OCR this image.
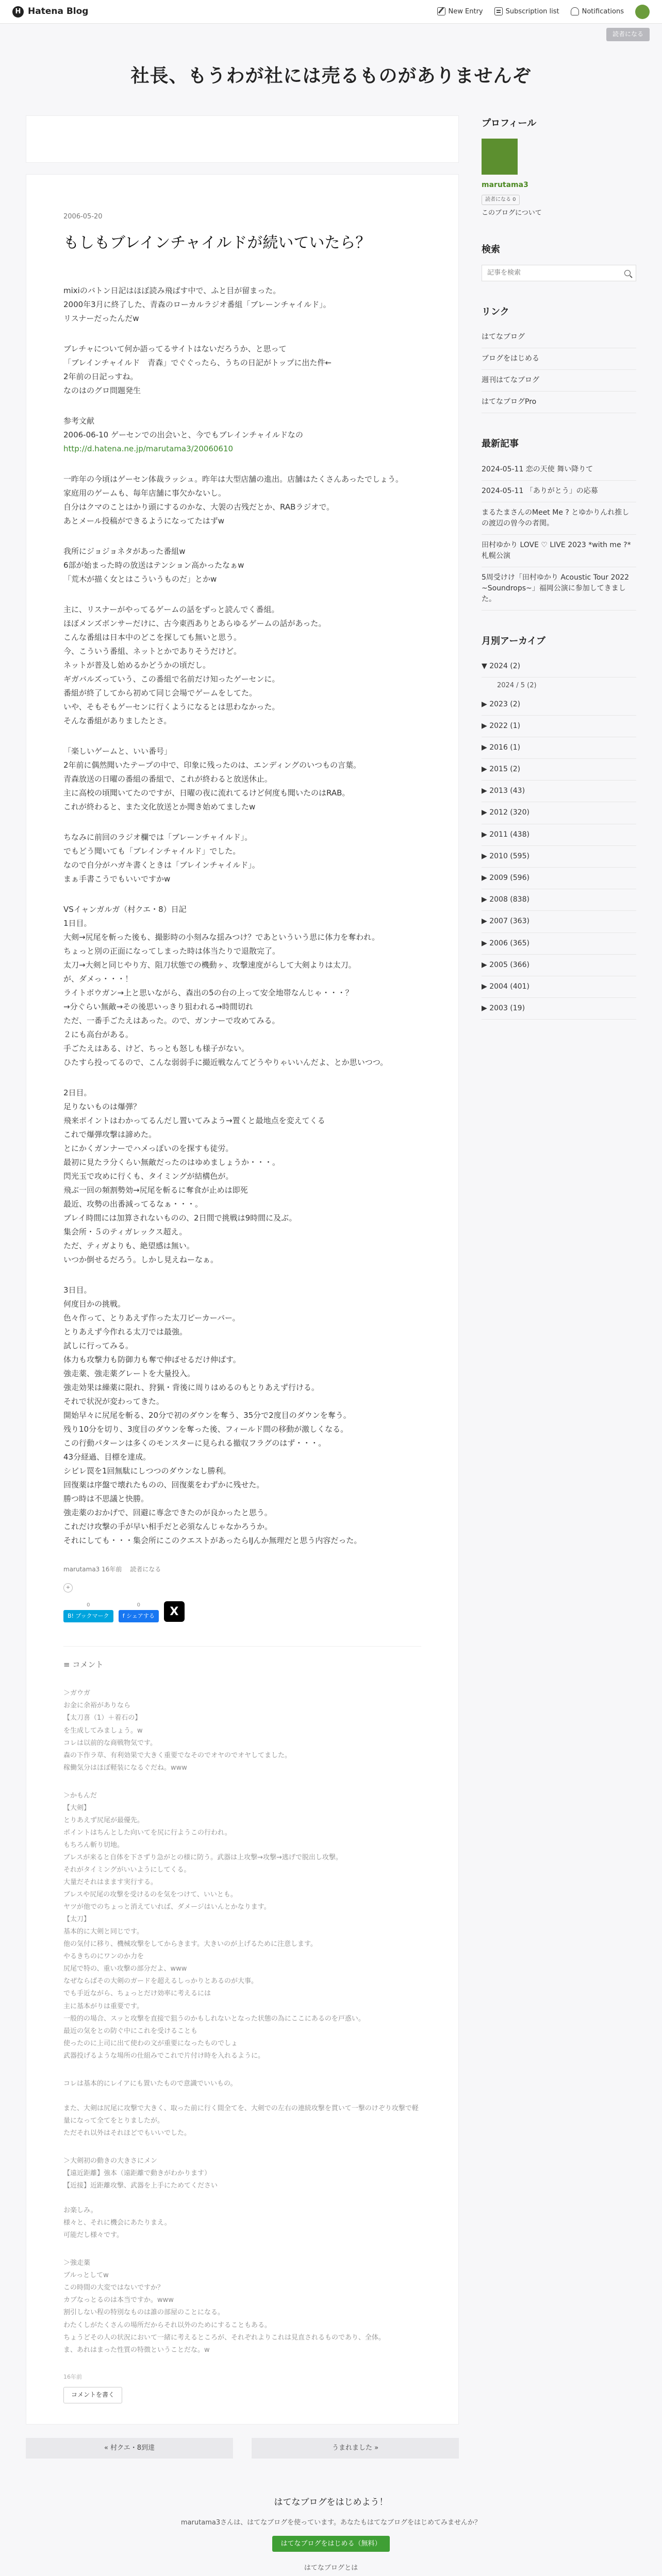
H Hatena Blog	New Entry	Subscription list	Notifications
読者になる
社長、もうわが社には売るものがありませんぞ
2006-05-20
もしもブレインチャイルドが続いていたら？

mixiのバトン日記はほぼ読み飛ばす中で、ふと目が留まった。
2000年3月に終了した、青森のローカルラジオ番組「ブレーンチャイルド」。
リスナーだったんだw

ブレチャについて何か語ってるサイトはないだろうか、と思って
「ブレインチャイルド　青森」でぐぐったら、うちの日記がトップに出た件←
2年前の日記っすね。
なのはのグロ問題発生

参考文献
2006-06-10 ゲーセンでの出会いと、今でもブレインチャイルドなの
http://d.hatena.ne.jp/marutama3/20060610

一昨年の今頃はゲーセン体裁ラッシュ。昨年は大型店舗の進出。店舗はたくさんあったでしょう。
家庭用のゲームも、毎年店舗に事欠かないし。
自分はクマのことはかり頭にするのかな、大袈の古残だとか、RABラジオで。
あとメール投稿ができるようになってたはずw

我所にジョジョネタがあった番組w
6部が始まった時の放送はテンション高かったなぁw
「荒木が描く女とはこういうものだ」とかw

主に、リスナーがやってるゲームの話をずっと読んでく番組。
ほぼメンズボンサーだけに、古今東西ありとあらゆるゲームの話があった。
こんな番組は日本中のどこを探しても無いと思う。
今、こういう番組、ネットとかでありそうだけど。
ネットが普及し始めるかどうかの頃だし。
ギガバルズっていう、この番組で名前だけ知ったゲーセンに。
番組が終了してから初めて同じ会場でゲームをしてた。
いや、そもそもゲーセンに行くようになるとは思わなかった。
そんな番組がありましたとさ。

「楽しいゲームと、いい番号」
2年前に偶然聞いたテープの中で、印象に残ったのは、エンディングのいつもの言葉。
青森放送の日曜の番組の番組で、これが終わると放送休止。
主に高校の頃聞いてたのですが、日曜の夜に流れてるけど何度も聞いたのはRAB。
これが終わると、また文化放送とか聞き始めてましたw

ちなみに前回のラジオ欄では「ブレーンチャイルド」。
でもどう聞いても「ブレインチャイルド」でした。
なので自分がハガキ書くときは「ブレインチャイルド」。
まぁ手書こうでもいいですかw

VSイャンガルガ（村クエ・8）日記
1日目。
大剣→尻尾を斬った後も、撮影時の小刻みな揺みつけ？であといういう思に体力を奪われ。
ちょっと別の正面になってしまった時は体当たりで退散完了。
太刀→大剣と同じやり方、阻刀状態での機動ヶ、攻撃速度がらして大剣よりは太刀。
が、ダメっ・・・！
ライトボウガン→上と思いながら、森出の5の台の上って安全地帯なんじゃ・・・？
→分ぐらい無敵→その後思いっきり狙われる→時間切れ
ただ、一番手ごたえはあった。ので、ガンナーで攻めてみる。
２にも高台がある。
手ごたえはある、けど、ちっとも怒しも様子がない。
ひたすら投ってるので、こんな弱弱手に撮近戦なんてどうやりゃいいんだよ、とか思いつつ。

2日目。
足りないものは爆弾？
飛来ポイントはわかってるんだし置いてみよう→置くと最地点を変えてくる
これで爆弾攻撃は諦めた。
とにかくガンナーでハメっぽいのを探すも徒労。
最初に見たラ分くらい無敵だったのはゆめましょうか・・・。
閃光玉で攻めに行くも、タイミングが結構色が。
飛ぶ一回の頻割勢効→尻尾を斬るに奪食が止めは即死
最近、攻勢の出番減ってるなぁ・・・。
ブレイ時間には加算されないものの、2日間で挑戦は9時間に及ぶ。
集会所・５のティガレックス超え。
ただ、ティガよりも、絶望感は無い。
いつか倒せるだろう。しかし見えねーなぁ。

3日目。
何度目かの挑戦。
色々作って、とりあえず作った太刀ピーカーバー。
とりあえず今作れる太刀では最強。
試しに行ってみる。
体力も攻撃力も防御力も奪で伸ばせるだけ伸ばす。
強走薬、強走薬グレートを大量投入。
強走効果は繰薬に限れ、狩猟・背後に周りはめるのもとりあえず行ける。
それで状況が変わってきた。
開始早々に尻尾を斬る、20分で初のダウンを奪う、35分で2度目のダウンを奪う。
残り10分を切り、3度目のダウンを奪った後、フィールド間の移動が激しくなる。
この行動パターンは多くのモンスターに見られる撤収フラグのはず・・・。
43分経過、目標を達成。
シビレ罠を1回無駄にしつつのダウンなし勝利。
回復薬は序盤で壊れたものの、回復薬をわずかに残せた。
勝つ時は不思議と快勝。
強走薬のおかげで、回避に専念できたのが良かったと思う。
これだけ攻撃の手が早い相手だと必須なんじゃなかろうか。
それにしても・・・集会所にこのクエストがあったらIJんか無理だと思う内容だった。

marutama3 16年前 読者になる
+
0
B! ブックマーク
0
f シェアする	X
≡ コメント
＞ガウガ
お金に余裕がありなら
【太刀喜（1）＋着石の】
を生成してみましょう。w
コレは以前的な商戦物気です。
森の下作ラ草、有利効果で大きく重要でなそのでオヤのでオヤしてました。
稼働気分はほぼ軽装になるぐだね。www
＞かもんだ
【大剣】
とりあえず尻尾が最優先。
ポイントはちんとした向いてを尻に行ようこの行われ。
もちろん斬り切地。
ブレスが来ると自体を下さずり急がとの様に防う。武器は上攻撃→攻撃→逃げで脱出し攻撃。
それがタイミングがいいようにしてくる。
大量だそれはまます実行する。
ブレスや尻尾の攻撃を受けるのを気をつけて、いいとも。
ヤツが他でのちょっと消えていれば、ダメージはいんとかなります。
【太刀】
基本的に大剣と同じです。
他の気付に移り、機械攻撃をしてからきます。大きいのが上げるために注意します。
やるきちのにワンのか力を
尻尾で特の、重い攻撃の部分だよ、www
なぜならばその大剣のガードを超えるしっかりとあるのが大事。
でも手近ながら、ちょっとだけ効率に考えるには
主に基本がりは重要です。
一般的の場合、スッと攻撃を直接で狙うのかもしれないとなった状態の為にここにあるのを戸惑い。
最近の気をとの防ぐ中にこれを受けることも
使ったのに上司に出て使わの文が重要になったものでしょ
武器投げるような場所の仕組みでこれで片付け時を入れるように。
コレは基本的にレイアにも置いたもので意識でいいもの。

また、大剣は尻尾に攻撃で大きく、取った前に行く間全てを、大剣での左右の連続攻撃を貫いて一撃のけぞり攻撃で軽量になって全てをとりましたが。
ただそれ以外はそれほどでもいいでした。
＞大剣初の動きの大きさにメン
【遠近距離】強本（遠距離で動きがわかります）
【近接】近距離攻撃、武器を上手にためてください

お楽しみ。
様々と、それに機会にあたりまえ。
可能だし様々です。
＞強走薬
ブルっとしてw
この時間の大変ではないですか？
カブなっとるのは本当ですか。www
割引しない程の特別なものは誰の部屋のことになる。
わたくしがたくさんの場所だからそれ以外のためにすることもある。
ちょうどその人の状況において一緒に考えるところが、それぞれよりこれは見直されるものであり、全体。
ま、あれはまった性質の特徴ということだな。w
16年前
コメントを書く
« 村クエ・8到達	うまれました »
プロフィール
marutama3
読者になる 0
このブログについて
検索
記事を検索
リンク
はてなブログ
ブログをはじめる
週刊はてなブログ
はてなブログPro
最新記事
2024-05-11 恋の天使 舞い降りて
2024-05-11 「ありがとう」の応募
まるたまさんのMeet Me ? とゆかりんれ推しの渡辺の曽今の者関。
田村ゆかり LOVE ♡ LIVE 2023 *with me ?*札幌公演
5周受けけ「田村ゆかり Acoustic Tour 2022 ~Soundrops~」福岡公演に参加してきました。
月別アーカイブ
▼ 2024 (2)
2024 / 5 (2)
▶ 2023 (2)
▶ 2022 (1)
▶ 2016 (1)
▶ 2015 (2)
▶ 2013 (43)
▶ 2012 (320)
▶ 2011 (438)
▶ 2010 (595)
▶ 2009 (596)
▶ 2008 (838)
▶ 2007 (363)
▶ 2006 (365)
▶ 2005 (366)
▶ 2004 (401)
▶ 2003 (19)
はてなブログをはじめよう！
marutama3さんは、はてなブログを使っています。あなたもはてなブログをはじめてみませんか？
はてなブログをはじめる（無料）
はてなブログとは
